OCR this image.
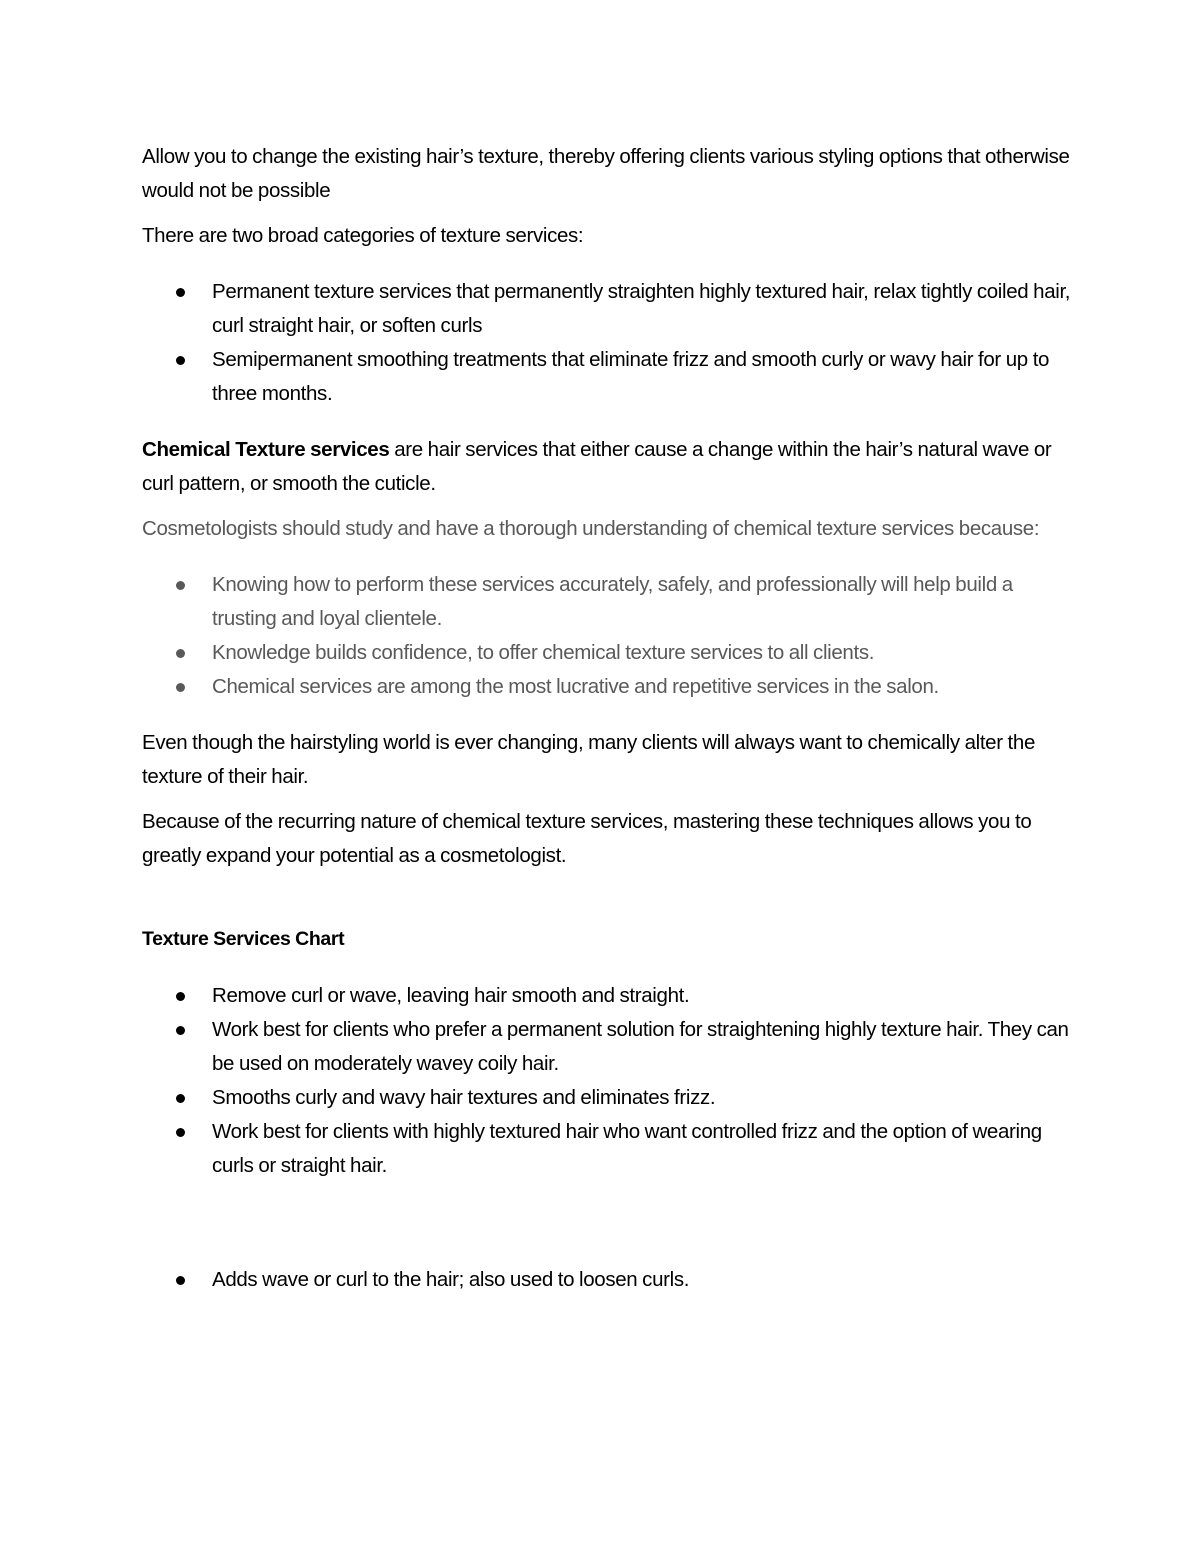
Allow you to change the existing hair’s texture, thereby offering clients various styling options that otherwise would not be possible

There are two broad categories of texture services:

Permanent texture services that permanently straighten highly textured hair, relax tightly coiled hair, curl straight hair, or soften curls
Semipermanent smoothing treatments that eliminate frizz and smooth curly or wavy hair for up to three months.

Chemical Texture services are hair services that either cause a change within the hair’s natural wave or curl pattern, or smooth the cuticle.

Cosmetologists should study and have a thorough understanding of chemical texture services because:

Knowing how to perform these services accurately, safely, and professionally will help build a trusting and loyal clientele.
Knowledge builds confidence, to offer chemical texture services to all clients.
Chemical services are among the most lucrative and repetitive services in the salon.

Even though the hairstyling world is ever changing, many clients will always want to chemically alter the texture of their hair.

Because of the recurring nature of chemical texture services, mastering these techniques allows you to greatly expand your potential as a cosmetologist.

Texture Services Chart

Remove curl or wave, leaving hair smooth and straight.
Work best for clients who prefer a permanent solution for straightening highly texture hair. They can be used on moderately wavey coily hair.
Smooths curly and wavy hair textures and eliminates frizz.
Work best for clients with highly textured hair who want controlled frizz and the option of wearing curls or straight hair.
Adds wave or curl to the hair; also used to loosen curls.
